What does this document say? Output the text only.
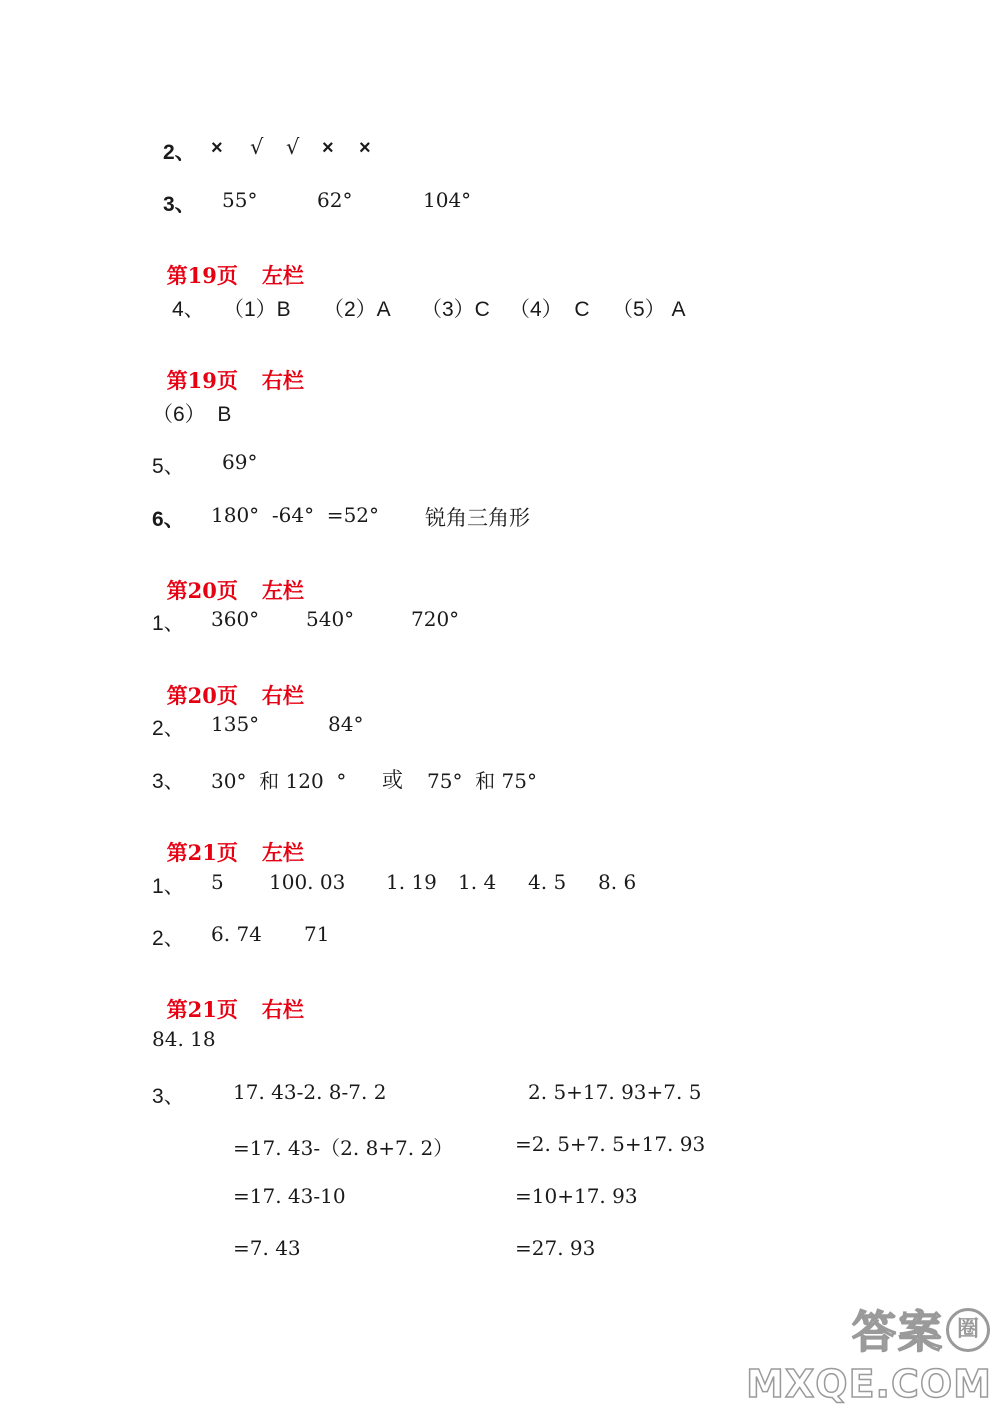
2、 × √ √ × ×
3、 55°	62°	104°

第19页 左栏

4、 （1）B （2）A （3）C （4）  C （5） A

第19页 右栏

（6）  B
5、 69°
6、 180°  -64°  =52° 锐角三角形

第20页 左栏

1、 360° 540°	720°

第20页 右栏

2、 135°	84°
3、 30°  和 120  ° 或 75°  和 75°

第21页 左栏

1、 5 100. 03 1. 19 1. 4 4. 5 8. 6
2、 6. 74 71

第21页 右栏

84. 18
3、 17. 43-2. 8-7. 2
=17. 43-（2. 8+7. 2）
=17. 43-10
=7. 43
2. 5+17. 93+7. 5
=2. 5+7. 5+17. 93
=10+17. 93
=27. 93
答案 圈
MXQE.COM
